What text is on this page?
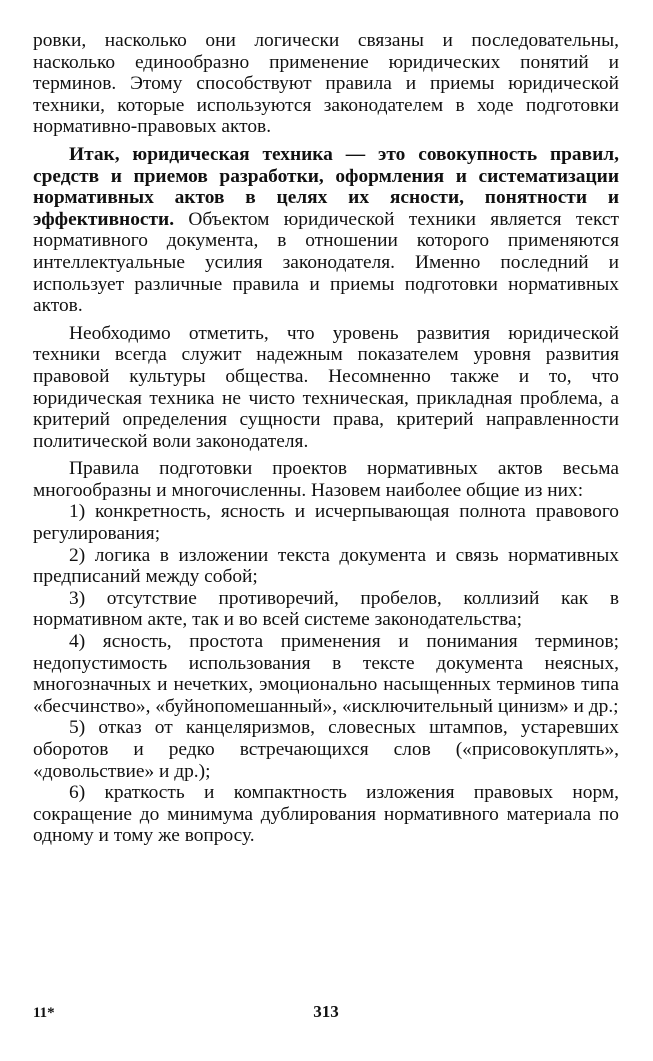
ровки, насколько они логически связаны и последовательны, насколько единообразно применение юридических понятий и терминов. Этому способствуют правила и приемы юридической техники, которые используются законодателем в ходе подготовки нормативно-правовых актов.

Итак, юридическая техника — это совокупность правил, средств и приемов разработки, оформления и систематизации нормативных актов в целях их ясности, понятности и эффективности. Объектом юридической техники является текст нормативного документа, в отношении которого применяются интеллектуальные усилия законодателя. Именно последний и использует различные правила и приемы подготовки нормативных актов.

Необходимо отметить, что уровень развития юридической техники всегда служит надежным показателем уровня развития правовой культуры общества. Несомненно также и то, что юридическая техника не чисто техническая, прикладная проблема, а критерий определения сущности права, критерий направленности политической воли законодателя.

Правила подготовки проектов нормативных актов весьма многообразны и многочисленны. Назовем наиболее общие из них:

1) конкретность, ясность и исчерпывающая полнота правового регулирования;

2) логика в изложении текста документа и связь нормативных предписаний между собой;

3) отсутствие противоречий, пробелов, коллизий как в нормативном акте, так и во всей системе законодательства;

4) ясность, простота применения и понимания терминов; недопустимость использования в тексте документа неясных, многозначных и нечетких, эмоционально насыщенных терминов типа «бесчинство», «буйнопомешанный», «исключительный цинизм» и др.;

5) отказ от канцеляризмов, словесных штампов, устаревших оборотов и редко встречающихся слов («присовокуплять», «довольствие» и др.);

6) краткость и компактность изложения правовых норм, сокращение до минимума дублирования нормативного материала по одному и тому же вопросу.

11*	313
